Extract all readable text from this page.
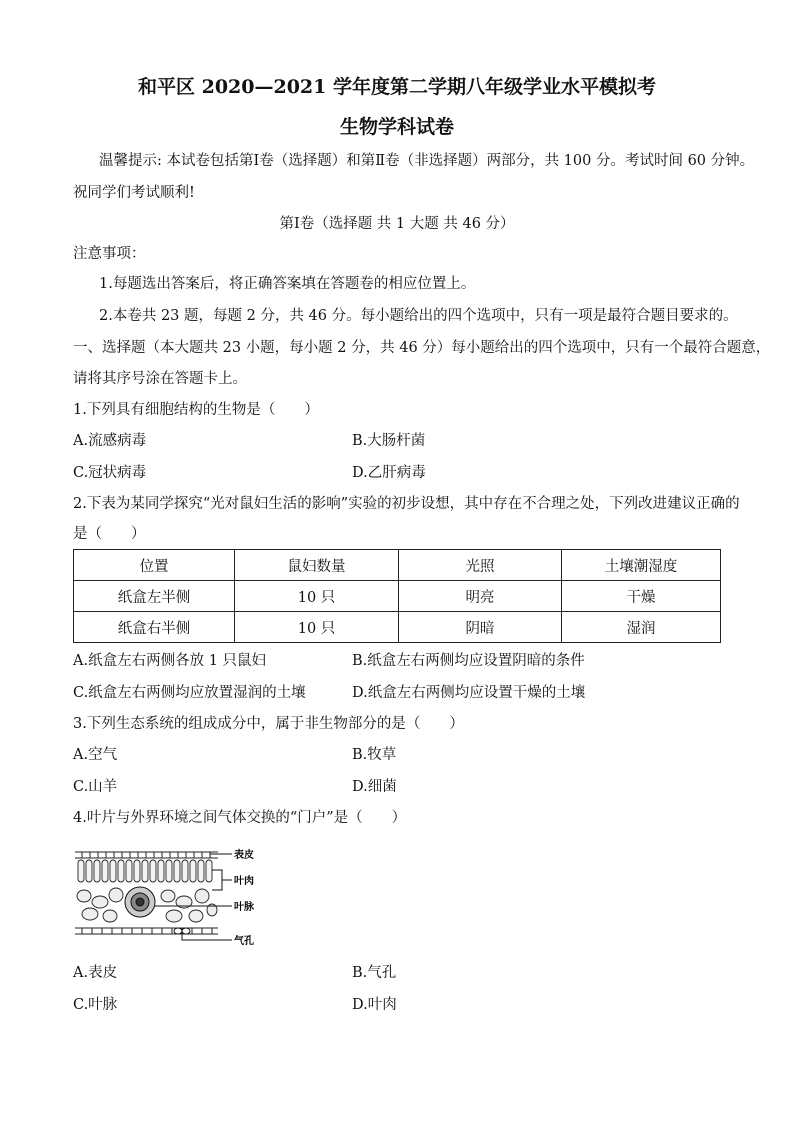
和平区 2020—2021 学年度第二学期八年级学业水平模拟考
生物学科试卷
温馨提示: 本试卷包括第Ⅰ卷（选择题）和第Ⅱ卷（非选择题）两部分，共 100 分。考试时间 60 分钟。
祝同学们考试顺利!
第Ⅰ卷（选择题 共 1 大题 共 46 分）
注意事项：
1.每题选出答案后，将正确答案填在答题卷的相应位置上。
2.本卷共 23 题，每题 2 分，共 46 分。每小题给出的四个选项中，只有一项是最符合题目要求的。
一、选择题（本大题共 23 小题，每小题 2 分，共 46 分）每小题给出的四个选项中，只有一个最符合题意，
请将其序号涂在答题卡上。
1.下列具有细胞结构的生物是（　　）
A.流感病毒	B.大肠杆菌
C.冠状病毒	D.乙肝病毒
2.下表为某同学探究“光对鼠妇生活的影响”实验的初步设想，其中存在不合理之处，下列改进建议正确的
是（　　）
位置	鼠妇数量	光照	土壤潮湿度
纸盒左半侧	10 只	明亮	干燥
纸盒右半侧	10 只	阴暗	湿润
A.纸盒左右两侧各放 1 只鼠妇	B.纸盒左右两侧均应设置阴暗的条件
C.纸盒左右两侧均应放置湿润的土壤	D.纸盒左右两侧均应设置干燥的土壤
3.下列生态系统的组成成分中，属于非生物部分的是（　　）
A.空气	B.牧草
C.山羊	D.细菌
4.叶片与外界环境之间气体交换的“门户”是（　　）
表皮
叶肉
叶脉
气孔
A.表皮	B.气孔
C.叶脉	D.叶肉
